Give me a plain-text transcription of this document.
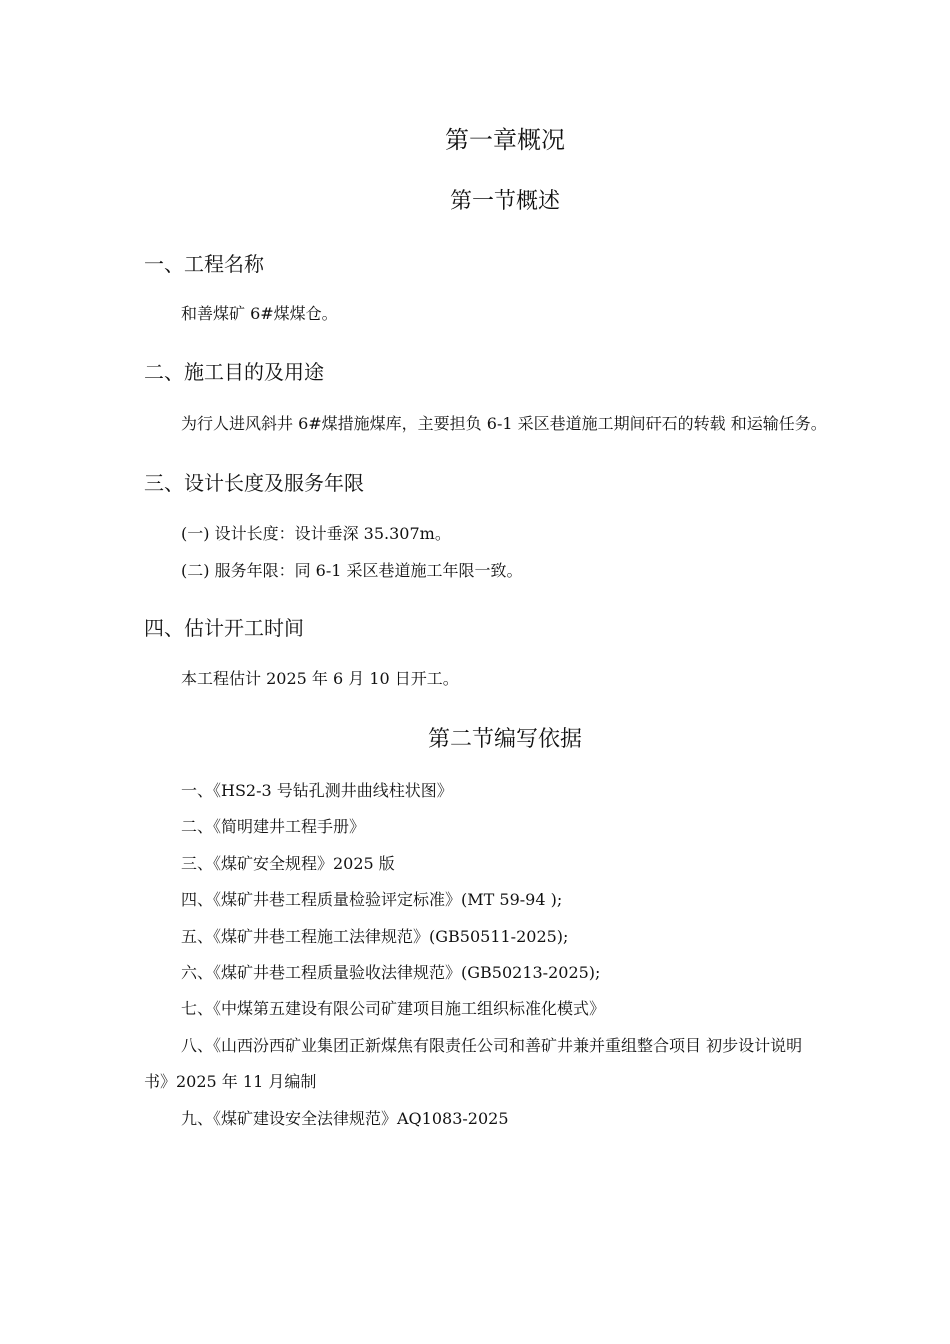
第一章概况
第一节概述
一、工程名称
和善煤矿 6#煤煤仓。
二、施工目的及用途
为行人进风斜井 6#煤措施煤库，主要担负 6-1 采区巷道施工期间矸石的转载 和运输任务。
三、设计长度及服务年限
(一) 设计长度：设计垂深 35.307m。
(二) 服务年限：同 6-1 采区巷道施工年限一致。
四、估计开工时间
本工程估计 2025 年 6 月 10 日开工。
第二节编写依据
一、《HS2-3 号钻孔测井曲线柱状图》
二、《简明建井工程手册》
三、《煤矿安全规程》2025 版
四、《煤矿井巷工程质量检验评定标准》(MT 59-94 );
五、《煤矿井巷工程施工法律规范》(GB50511-2025);
六、《煤矿井巷工程质量验收法律规范》(GB50213-2025);
七、《中煤第五建设有限公司矿建项目施工组织标准化模式》
八、《山西汾西矿业集团正新煤焦有限责任公司和善矿井兼并重组整合项目 初步设计说明
书》2025 年 11 月编制
九、《煤矿建设安全法律规范》AQ1083-2025
